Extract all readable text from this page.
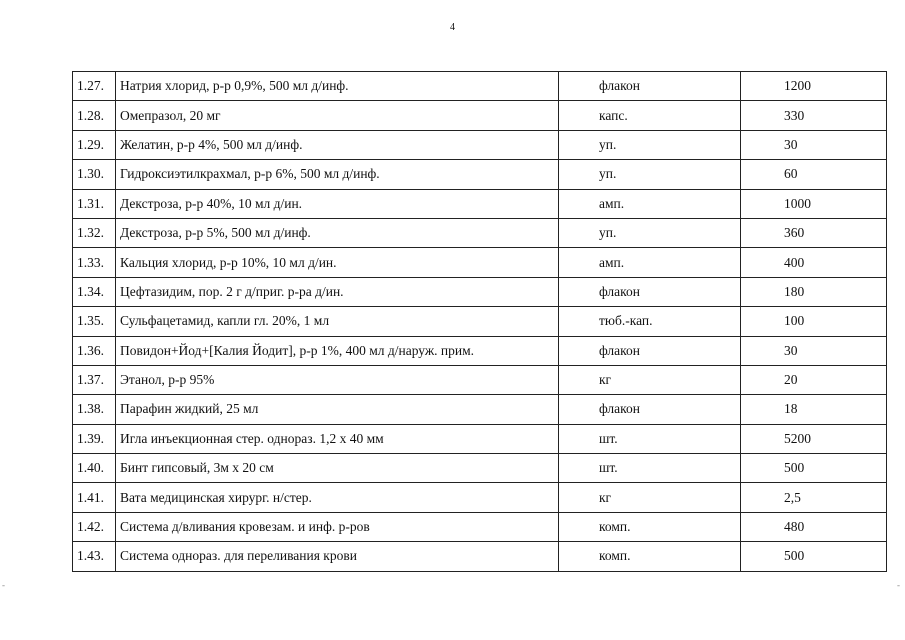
4
1.27.	Натрия хлорид, р-р 0,9%, 500 мл д/инф.	флакон	1200
1.28.	Омепразол, 20 мг	капс.	330
1.29.	Желатин, р-р 4%, 500 мл д/инф.	уп.	30
1.30.	Гидроксиэтилкрахмал, р-р 6%, 500 мл д/инф.	уп.	60
1.31.	Декстроза, р-р 40%, 10 мл д/ин.	амп.	1000
1.32.	Декстроза, р-р 5%, 500 мл д/инф.	уп.	360
1.33.	Кальция хлорид, р-р 10%, 10 мл д/ин.	амп.	400
1.34.	Цефтазидим, пор. 2 г д/приг. р-ра д/ин.	флакон	180
1.35.	Сульфацетамид, капли гл. 20%, 1 мл	тюб.-кап.	100
1.36.	Повидон+Йод+[Калия Йодит], р-р 1%, 400 мл д/наруж. прим.	флакон	30
1.37.	Этанол, р-р 95%	кг	20
1.38.	Парафин жидкий, 25 мл	флакон	18
1.39.	Игла инъекционная стер. однораз. 1,2 х 40 мм	шт.	5200
1.40.	Бинт гипсовый, 3м х 20 см	шт.	500
1.41.	Вата медицинская хирург. н/стер.	кг	2,5
1.42.	Система д/вливания кровезам. и инф. р-ров	комп.	480
1.43.	Система однораз. для переливания крови	комп.	500
-	-
